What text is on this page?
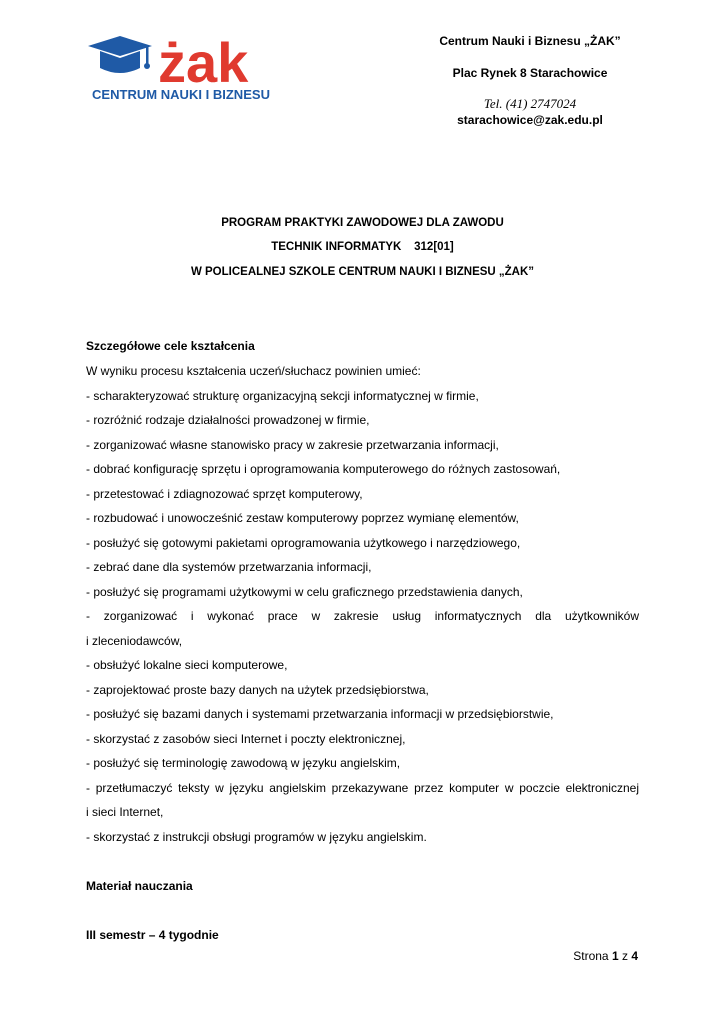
żak
CENTRUM NAUKI I BIZNESU
Centrum Nauki i Biznesu „ŻAK”
Plac Rynek 8 Starachowice
Tel. (41) 2747024
starachowice@zak.edu.pl
PROGRAM PRAKTYKI ZAWODOWEJ DLA ZAWODU
TECHNIK INFORMATYK    312[01]
W POLICEALNEJ SZKOLE CENTRUM NAUKI I BIZNESU „ŻAK”
Szczegółowe cele kształcenia
W wyniku procesu kształcenia uczeń/słuchacz powinien umieć:
- scharakteryzować strukturę organizacyjną sekcji informatycznej w firmie,
- rozróżnić rodzaje działalności prowadzonej w firmie,
- zorganizować własne stanowisko pracy w zakresie przetwarzania informacji,
- dobrać konfigurację sprzętu i oprogramowania komputerowego do różnych zastosowań,
- przetestować i zdiagnozować sprzęt komputerowy,
- rozbudować i unowocześnić zestaw komputerowy poprzez wymianę elementów,
- posłużyć się gotowymi pakietami oprogramowania użytkowego i narzędziowego,
- zebrać dane dla systemów przetwarzania informacji,
- posłużyć się programami użytkowymi w celu graficznego przedstawienia danych,
- zorganizować i wykonać prace w zakresie usług informatycznych dla użytkowników
i zleceniodawców,
- obsłużyć lokalne sieci komputerowe,
- zaprojektować proste bazy danych na użytek przedsiębiorstwa,
- posłużyć się bazami danych i systemami przetwarzania informacji w przedsiębiorstwie,
- skorzystać z zasobów sieci Internet i poczty elektronicznej,
- posłużyć się terminologię zawodową w języku angielskim,
- przetłumaczyć teksty w języku angielskim przekazywane przez komputer w poczcie elektronicznej
i sieci Internet,
- skorzystać z instrukcji obsługi programów w języku angielskim.
Materiał nauczania
III semestr – 4 tygodnie
Strona 1 z 4
